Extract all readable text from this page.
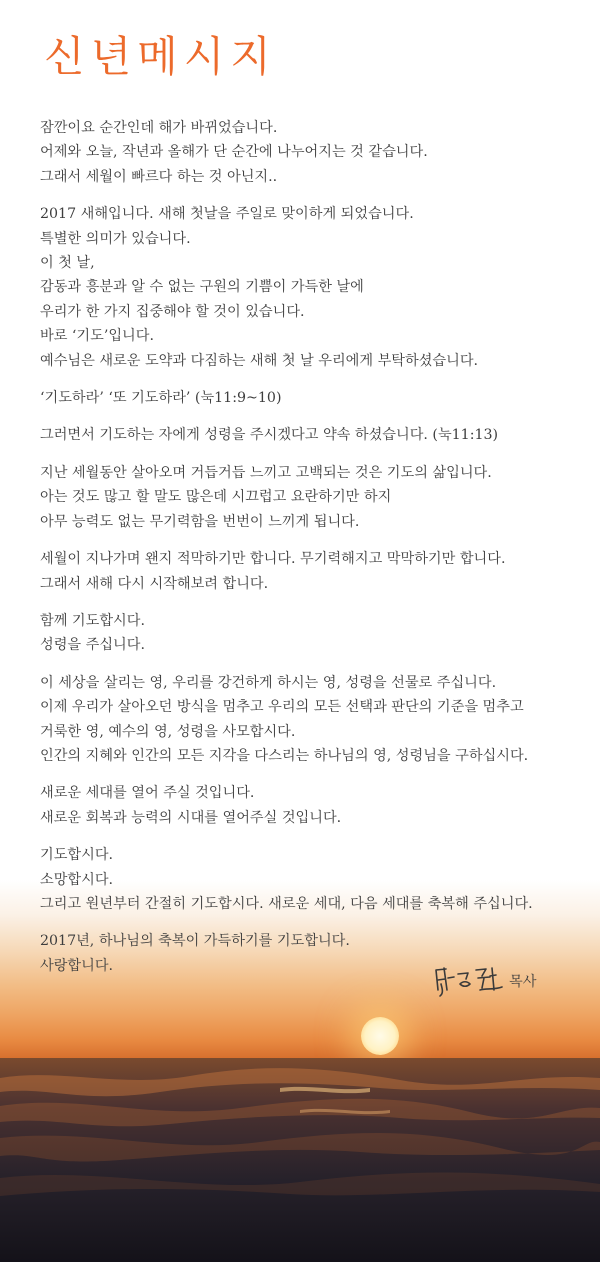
신년메시지

잠깐이요 순간인데 해가 바뀌었습니다.
어제와 오늘, 작년과 올해가 단 순간에 나누어지는 것 같습니다.
그래서 세월이 빠르다 하는 것 아닌지..

2017 새해입니다. 새해 첫날을 주일로 맞이하게 되었습니다.
특별한 의미가 있습니다.
이 첫 날,
감동과 흥분과 알 수 없는 구원의 기쁨이 가득한 날에
우리가 한 가지 집중해야 할 것이 있습니다.
바로 ‘기도’입니다.
예수님은 새로운 도약과 다짐하는 새해 첫 날 우리에게 부탁하셨습니다.

‘기도하라’ ‘또 기도하라’ (눅11:9~10)

그러면서 기도하는 자에게 성령을 주시겠다고 약속 하셨습니다. (눅11:13)

지난 세월동안 살아오며 거듭거듭 느끼고 고백되는 것은 기도의 삶입니다.
아는 것도 많고 할 말도 많은데 시끄럽고 요란하기만 하지
아무 능력도 없는 무기력함을 번번이 느끼게 됩니다.

세월이 지나가며 왠지 적막하기만 합니다. 무기력해지고 막막하기만 합니다.
그래서 새해 다시 시작해보려 합니다.

함께 기도합시다.
성령을 주십니다.

이 세상을 살리는 영, 우리를 강건하게 하시는 영, 성령을 선물로 주십니다.
이제 우리가 살아오던 방식을 멈추고 우리의 모든 선택과 판단의 기준을 멈추고
거룩한 영, 예수의 영, 성령을 사모합시다.
인간의 지혜와 인간의 모든 지각을 다스리는 하나님의 영, 성령님을 구하십시다.

새로운 세대를 열어 주실 것입니다.
새로운 회복과 능력의 시대를 열어주실 것입니다.

기도합시다.
소망합시다.
그리고 원년부터 간절히 기도합시다. 새로운 세대, 다음 세대를 축복해 주십니다.

2017년, 하나님의 축복이 가득하기를 기도합니다.
사랑합니다.

목사
